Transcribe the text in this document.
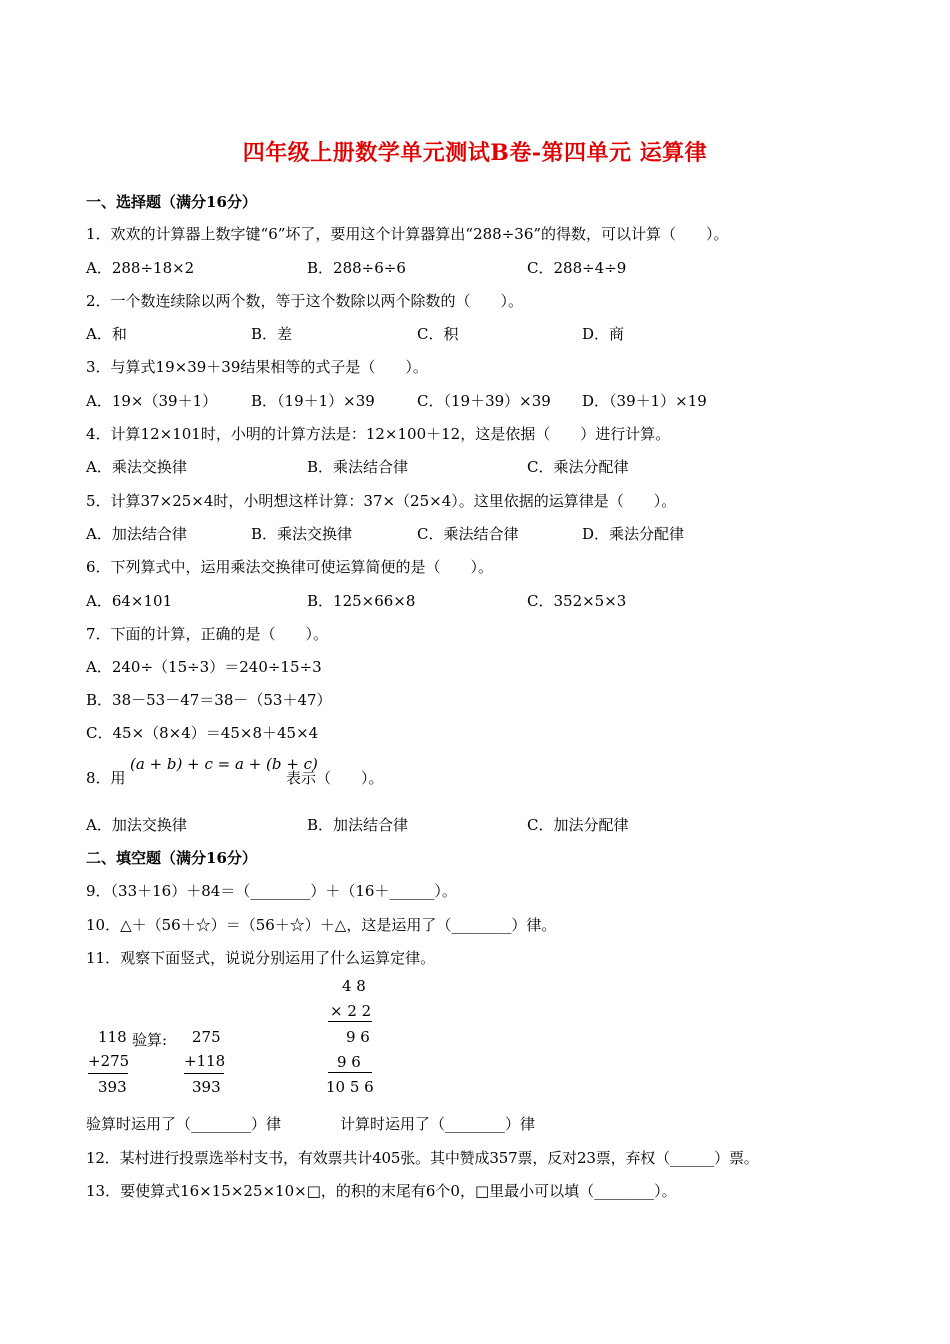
四年级上册数学单元测试B卷-第四单元 运算律
一、选择题（满分16分）
1．欢欢的计算器上数字键“6”坏了，要用这个计算器算出“288÷36”的得数，可以计算（　　）。
A．288÷18×2	B．288÷6÷6	C．288÷4÷9
2．一个数连续除以两个数，等于这个数除以两个除数的（　　）。
A．和	B．差	C．积	D．商
3．与算式19×39＋39结果相等的式子是（　　）。
A．19×（39＋1） B．（19＋1）×39	C．（19＋39）×39 D．（39＋1）×19
4．计算12×101时，小明的计算方法是：12×100＋12，这是依据（　　）进行计算。
A．乘法交换律	B．乘法结合律	C．乘法分配律
5．计算37×25×4时，小明想这样计算：37×（25×4）。这里依据的运算律是（　　）。
A．加法结合律	B．乘法交换律	C．乘法结合律	D．乘法分配律
6．下列算式中，运用乘法交换律可使运算简便的是（　　）。
A．64×101	B．125×66×8	C．352×5×3
7．下面的计算，正确的是（　　）。
A．240÷（15÷3）＝240÷15÷3
B．38－53－47＝38－（53＋47）
C．45×（8×4）＝45×8＋45×4
8．用
(a + b) + c = a + (b + c)
表示（　　）。
A．加法交换律	B．加法结合律	C．加法分配律
二、填空题（满分16分）
9．（33＋16）＋84＝（________）＋（16＋______）。
10．△＋（56＋☆）＝（56＋☆）＋△，这是运用了（________）律。
11．观察下面竖式，说说分别运用了什么运算定律。
118
+275
393
验算: 275
+118
393
4 8
× 2 2
9 6
9 6
10 5 6
验算时运用了（________）律	计算时运用了（________）律
12．某村进行投票选举村支书，有效票共计405张。其中赞成357票，反对23票，弃权（______）票。
13．要使算式16×15×25×10×□，的积的末尾有6个0，□里最小可以填（________）。
